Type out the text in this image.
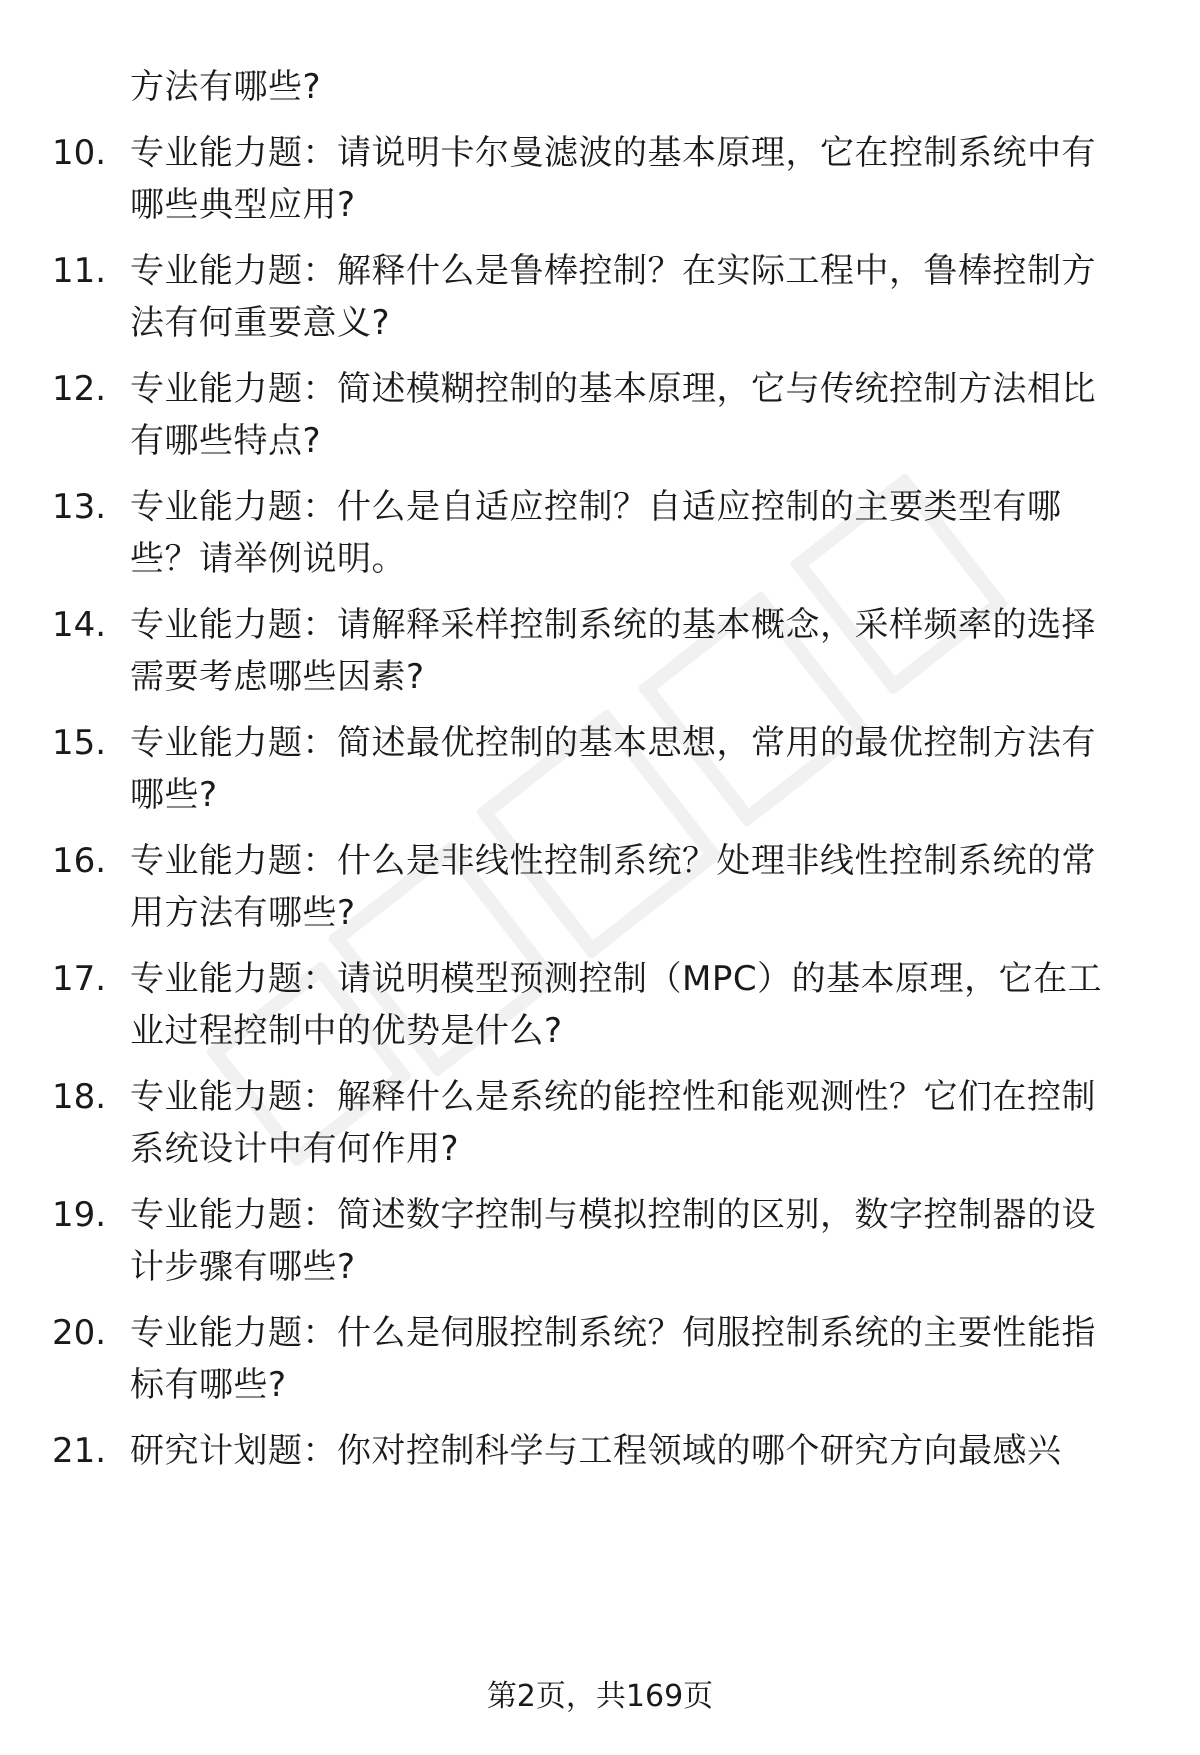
方法有哪些?
10. 专业能力题：请说明卡尔曼滤波的基本原理，它在控制系统中有
哪些典型应用?
11. 专业能力题：解释什么是鲁棒控制？在实际工程中，鲁棒控制方
法有何重要意义?
12. 专业能力题：简述模糊控制的基本原理，它与传统控制方法相比
有哪些特点?
13. 专业能力题：什么是自适应控制？自适应控制的主要类型有哪
些？请举例说明。
14. 专业能力题：请解释采样控制系统的基本概念，采样频率的选择
需要考虑哪些因素?
15. 专业能力题：简述最优控制的基本思想，常用的最优控制方法有
哪些?
16. 专业能力题：什么是非线性控制系统？处理非线性控制系统的常
用方法有哪些?
17. 专业能力题：请说明模型预测控制（MPC）的基本原理，它在工
业过程控制中的优势是什么?
18. 专业能力题：解释什么是系统的能控性和能观测性？它们在控制
系统设计中有何作用?
19. 专业能力题：简述数字控制与模拟控制的区别，数字控制器的设
计步骤有哪些?
20. 专业能力题：什么是伺服控制系统？伺服控制系统的主要性能指
标有哪些?
21. 研究计划题：你对控制科学与工程领域的哪个研究方向最感兴
第2页，共169页
